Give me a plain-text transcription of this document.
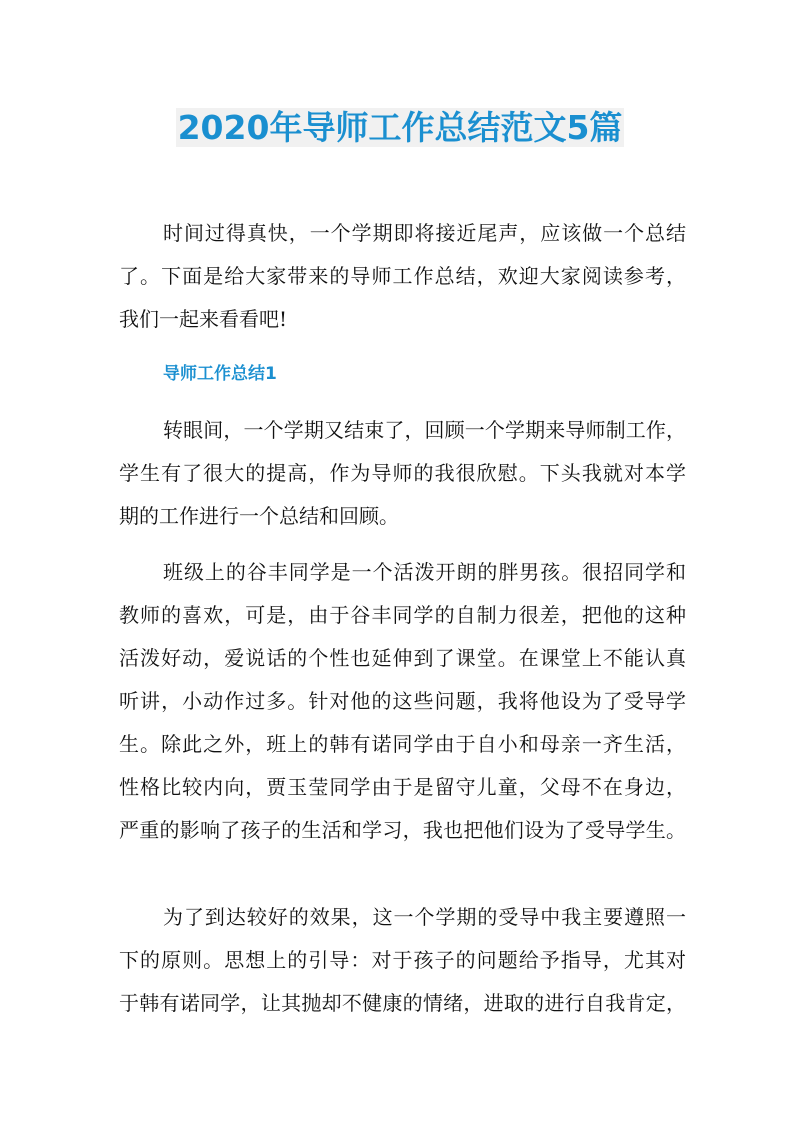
2020年导师工作总结范文5篇
时间过得真快，一个学期即将接近尾声，应该做一个总结
了。下面是给大家带来的导师工作总结，欢迎大家阅读参考，
我们一起来看看吧!
导师工作总结1
转眼间，一个学期又结束了，回顾一个学期来导师制工作，
学生有了很大的提高，作为导师的我很欣慰。下头我就对本学
期的工作进行一个总结和回顾。
班级上的谷丰同学是一个活泼开朗的胖男孩。很招同学和
教师的喜欢，可是，由于谷丰同学的自制力很差，把他的这种
活泼好动，爱说话的个性也延伸到了课堂。在课堂上不能认真
听讲，小动作过多。针对他的这些问题，我将他设为了受导学
生。除此之外，班上的韩有诺同学由于自小和母亲一齐生活，
性格比较内向，贾玉莹同学由于是留守儿童，父母不在身边，
严重的影响了孩子的生活和学习，我也把他们设为了受导学生。
为了到达较好的效果，这一个学期的受导中我主要遵照一
下的原则。思想上的引导：对于孩子的问题给予指导，尤其对
于韩有诺同学，让其抛却不健康的情绪，进取的进行自我肯定，
